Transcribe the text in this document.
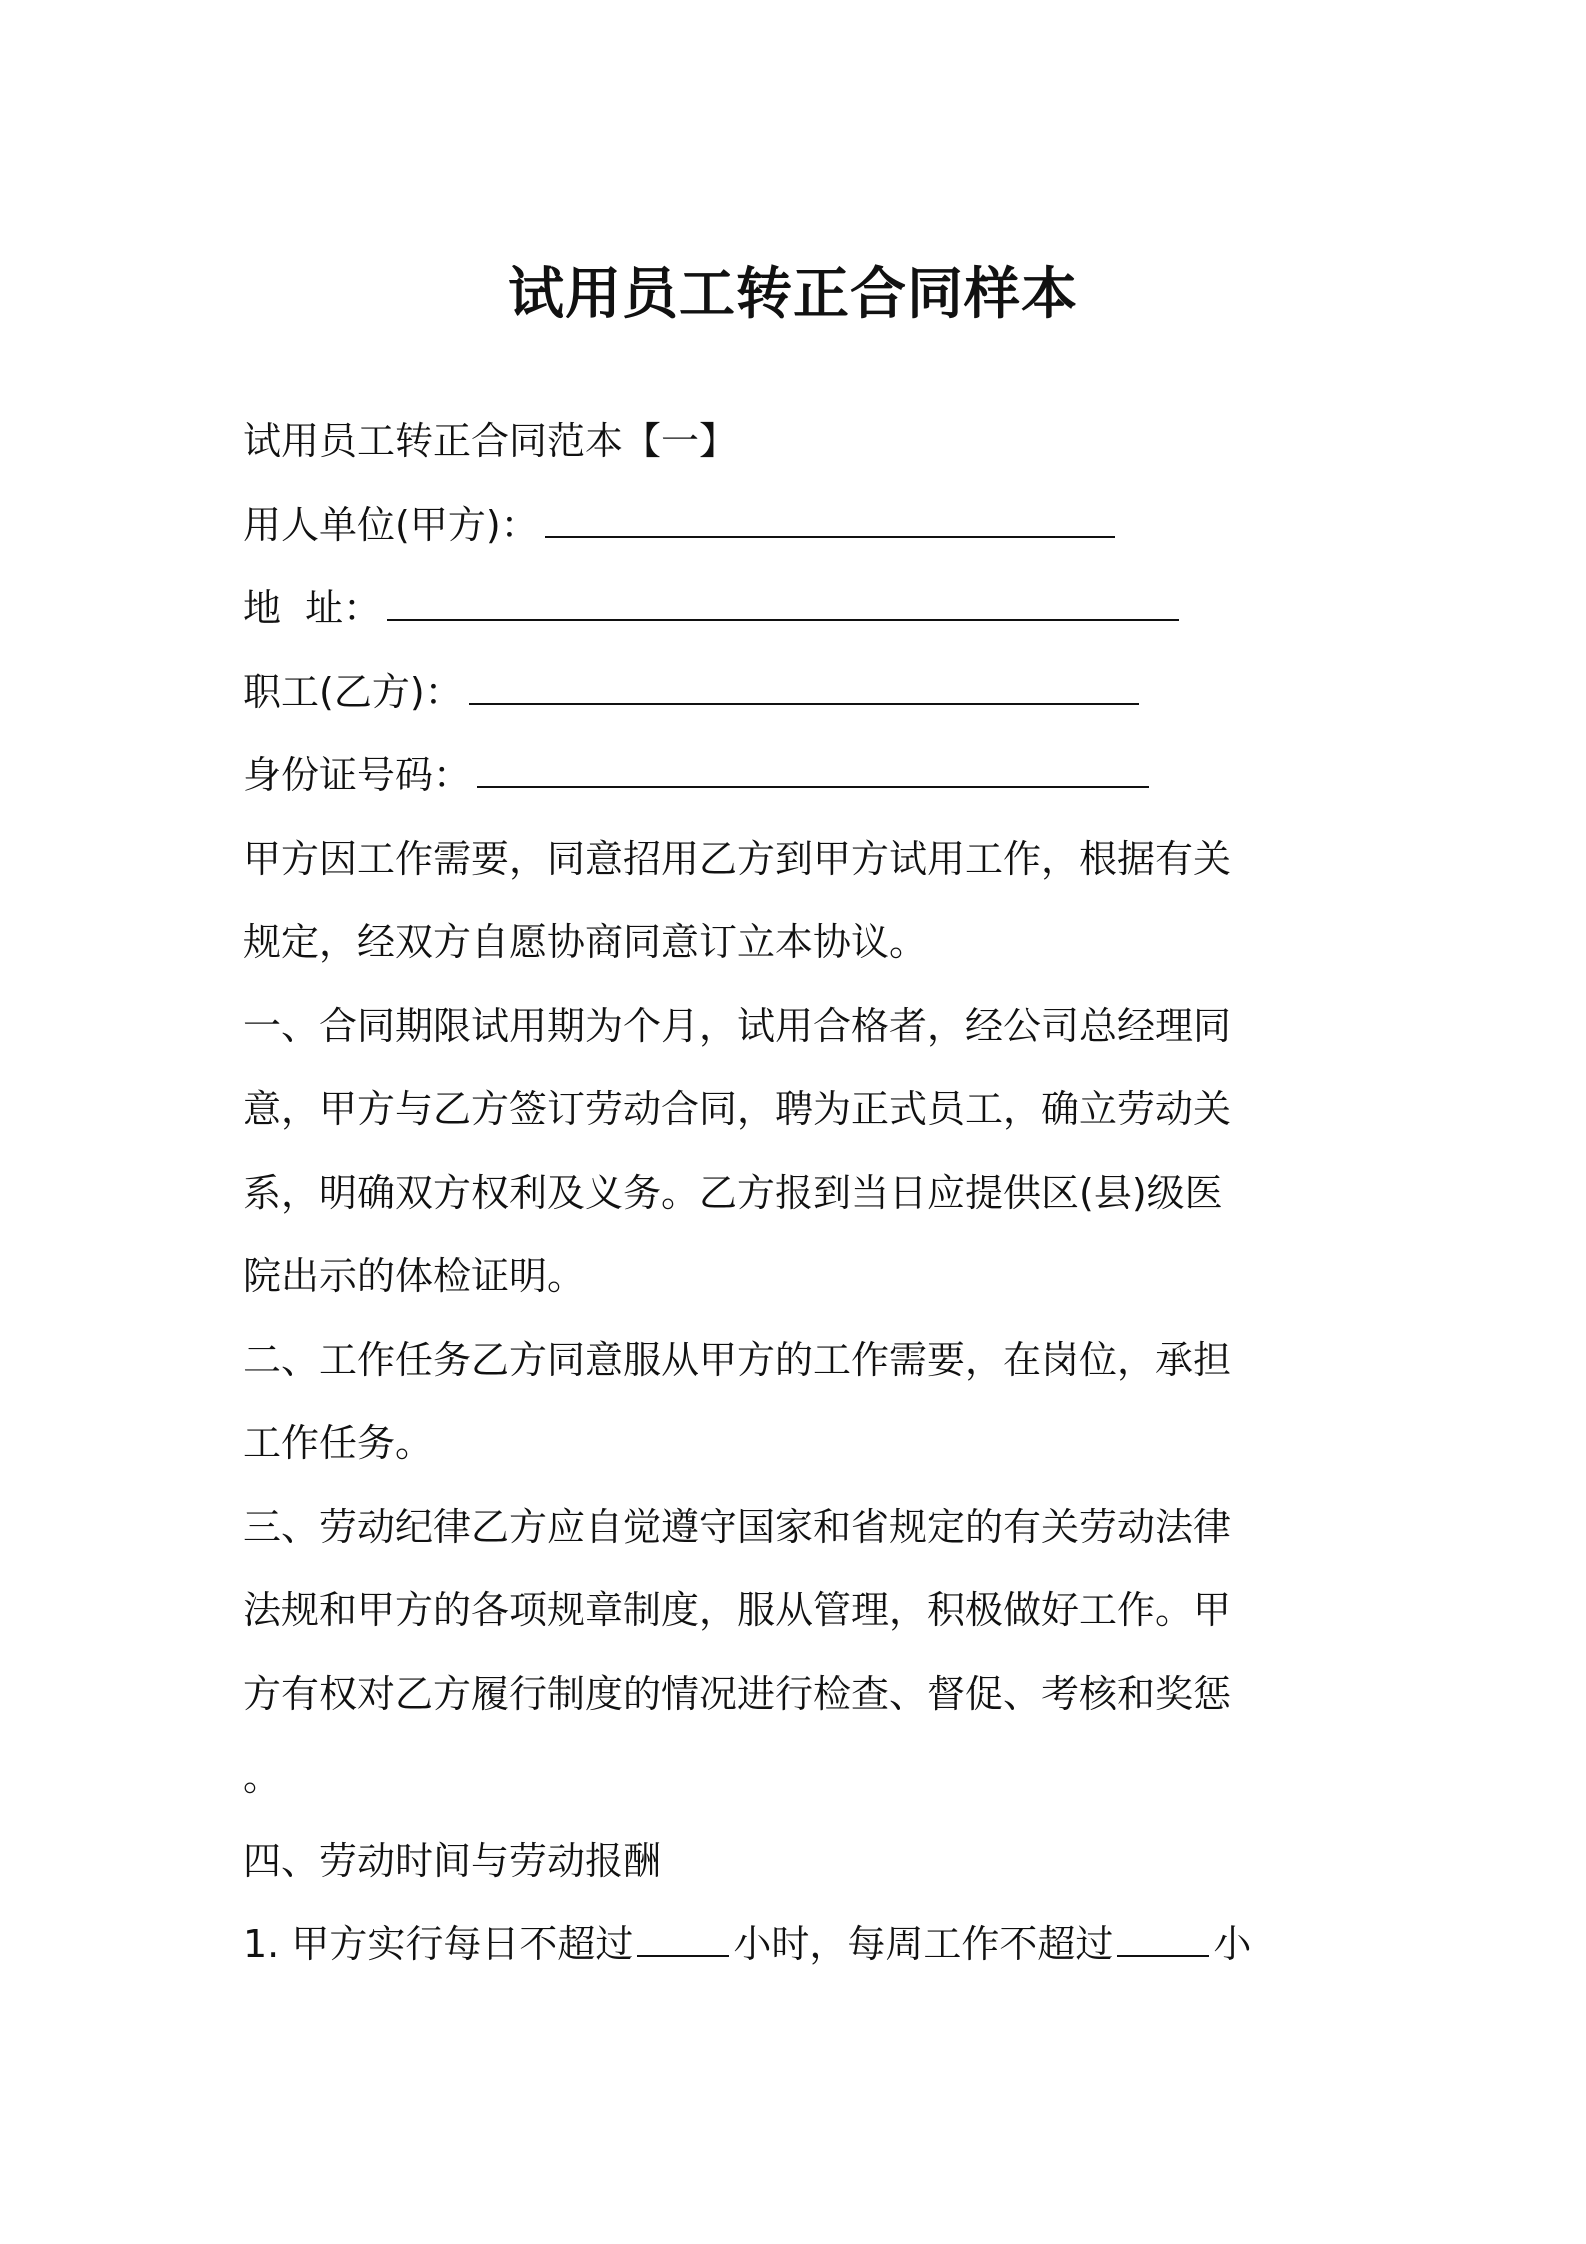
试用员工转正合同样本
试用员工转正合同范本【一】
用人单位(甲方)：
地  址：
职工(乙方)：
身份证号码：
甲方因工作需要，同意招用乙方到甲方试用工作，根据有关
规定，经双方自愿协商同意订立本协议。
一、合同期限试用期为个月，试用合格者，经公司总经理同
意，甲方与乙方签订劳动合同，聘为正式员工，确立劳动关
系，明确双方权利及义务。乙方报到当日应提供区(县)级医
院出示的体检证明。
二、工作任务乙方同意服从甲方的工作需要，在岗位，承担
工作任务。
三、劳动纪律乙方应自觉遵守国家和省规定的有关劳动法律
法规和甲方的各项规章制度，服从管理，积极做好工作。甲
方有权对乙方履行制度的情况进行检查、督促、考核和奖惩
。
四、劳动时间与劳动报酬
1. 甲方实行每日不超过	小时，每周工作不超过	小
